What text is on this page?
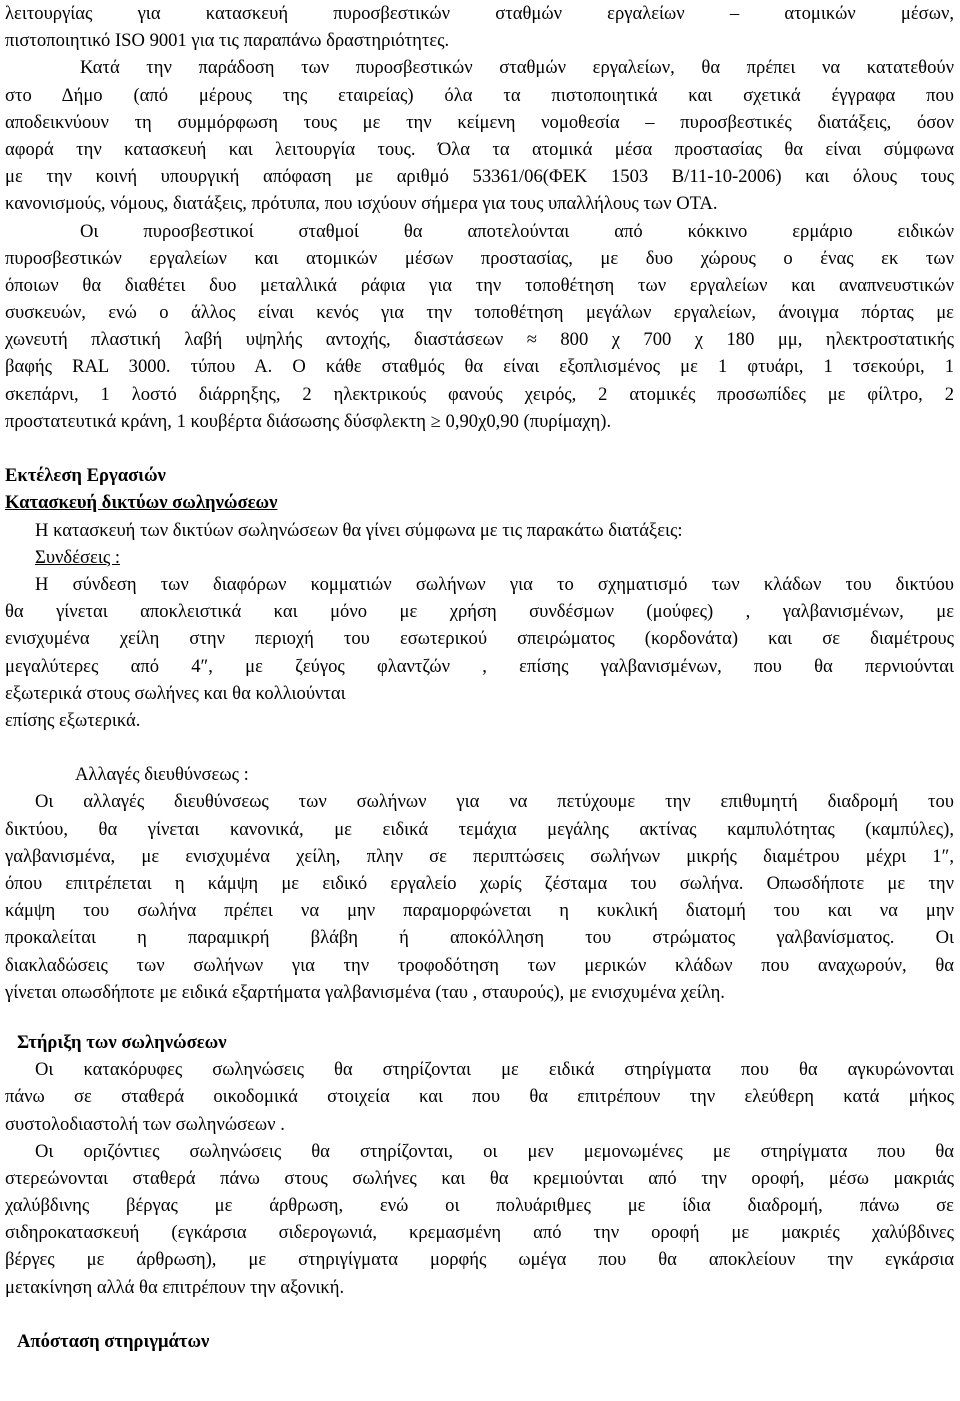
λειτουργίας για κατασκευή πυροσβεστικών σταθμών εργαλείων – ατομικών μέσων,
πιστοποιητικό ISO 9001 για τις παραπάνω δραστηριότητες.
Κατά την παράδοση των πυροσβεστικών σταθμών εργαλείων, θα πρέπει να κατατεθούν
στο Δήμο (από μέρους της εταιρείας) όλα τα πιστοποιητικά και σχετικά έγγραφα που
αποδεικνύουν τη συμμόρφωση τους με την κείμενη νομοθεσία – πυροσβεστικές διατάξεις, όσον
αφορά την κατασκευή και λειτουργία τους. Όλα τα ατομικά μέσα προστασίας θα είναι σύμφωνα
με την κοινή υπουργική απόφαση με αριθμό 53361/06(ΦΕΚ 1503 Β/11-10-2006) και όλους τους
κανονισμούς, νόμους, διατάξεις, πρότυπα, που ισχύουν σήμερα για τους υπαλλήλους των ΟΤΑ.
Οι πυροσβεστικοί σταθμοί θα αποτελούνται από κόκκινο ερμάριο ειδικών
πυροσβεστικών εργαλείων και ατομικών μέσων προστασίας, με δυο χώρους ο ένας εκ των
όποιων θα διαθέτει δυο μεταλλικά ράφια για την τοποθέτηση των εργαλείων και αναπνευστικών
συσκευών, ενώ ο άλλος είναι κενός για την τοποθέτηση μεγάλων εργαλείων, άνοιγμα πόρτας με
χωνευτή πλαστική λαβή υψηλής αντοχής, διαστάσεων ≈ 800 χ 700 χ 180 μμ, ηλεκτροστατικής
βαφής RAL 3000. τύπου Α. Ο κάθε σταθμός θα είναι εξοπλισμένος με 1 φτυάρι, 1 τσεκούρι, 1
σκεπάρνι, 1 λοστό διάρρηξης, 2 ηλεκτρικούς φανούς χειρός, 2 ατομικές προσωπίδες με φίλτρο, 2
προστατευτικά κράνη, 1 κουβέρτα διάσωσης δύσφλεκτη ≥ 0,90χ0,90 (πυρίμαχη).
Εκτέλεση Εργασιών
Κατασκευή δικτύων σωληνώσεων
Η κατασκευή των δικτύων σωληνώσεων θα γίνει σύμφωνα με τις παρακάτω διατάξεις:
Συνδέσεις :
Η σύνδεση των διαφόρων κομματιών σωλήνων για το σχηματισμό των κλάδων του δικτύου
θα γίνεται αποκλειστικά και μόνο με χρήση συνδέσμων (μούφες) , γαλβανισμένων, με
ενισχυμένα χείλη στην περιοχή του εσωτερικού σπειρώματος (κορδονάτα) και σε διαμέτρους
μεγαλύτερες από 4″, με ζεύγος φλαντζών , επίσης γαλβανισμένων, που θα περνιούνται
εξωτερικά στους σωλήνες και θα κολλιούνται
επίσης εξωτερικά.
Αλλαγές διευθύνσεως :
Οι αλλαγές διευθύνσεως των σωλήνων για να πετύχουμε την επιθυμητή διαδρομή του
δικτύου, θα γίνεται κανονικά, με ειδικά τεμάχια μεγάλης ακτίνας καμπυλότητας (καμπύλες),
γαλβανισμένα, με ενισχυμένα χείλη, πλην σε περιπτώσεις σωλήνων μικρής διαμέτρου μέχρι 1″,
όπου επιτρέπεται η κάμψη με ειδικό εργαλείο χωρίς ζέσταμα του σωλήνα. Οπωσδήποτε με την
κάμψη του σωλήνα πρέπει να μην παραμορφώνεται η κυκλική διατομή του και να μην
προκαλείται η παραμικρή βλάβη ή αποκόλληση του στρώματος γαλβανίσματος. Οι
διακλαδώσεις των σωλήνων για την τροφοδότηση των μερικών κλάδων που αναχωρούν, θα
γίνεται οπωσδήποτε με ειδικά εξαρτήματα γαλβανισμένα (ταυ , σταυρούς), με ενισχυμένα χείλη.
Στήριξη των σωληνώσεων
Οι κατακόρυφες σωληνώσεις θα στηρίζονται με ειδικά στηρίγματα που θα αγκυρώνονται
πάνω σε σταθερά οικοδομικά στοιχεία και που θα επιτρέπουν την ελεύθερη κατά μήκος
συστολοδιαστολή των σωληνώσεων .
Οι οριζόντιες σωληνώσεις θα στηρίζονται, οι μεν μεμονωμένες με στηρίγματα που θα
στερεώνονται σταθερά πάνω στους σωλήνες και θα κρεμιούνται από την οροφή, μέσω μακριάς
χαλύβδινης βέργας με άρθρωση, ενώ οι πολυάριθμες με ίδια διαδρομή, πάνω σε
σιδηροκατασκευή (εγκάρσια σιδερογωνιά, κρεμασμένη από την οροφή με μακριές χαλύβδινες
βέργες με άρθρωση), με στηριγίγματα μορφής ωμέγα που θα αποκλείουν την εγκάρσια
μετακίνηση αλλά θα επιτρέπουν την αξονική.
Απόσταση στηριγμάτων
